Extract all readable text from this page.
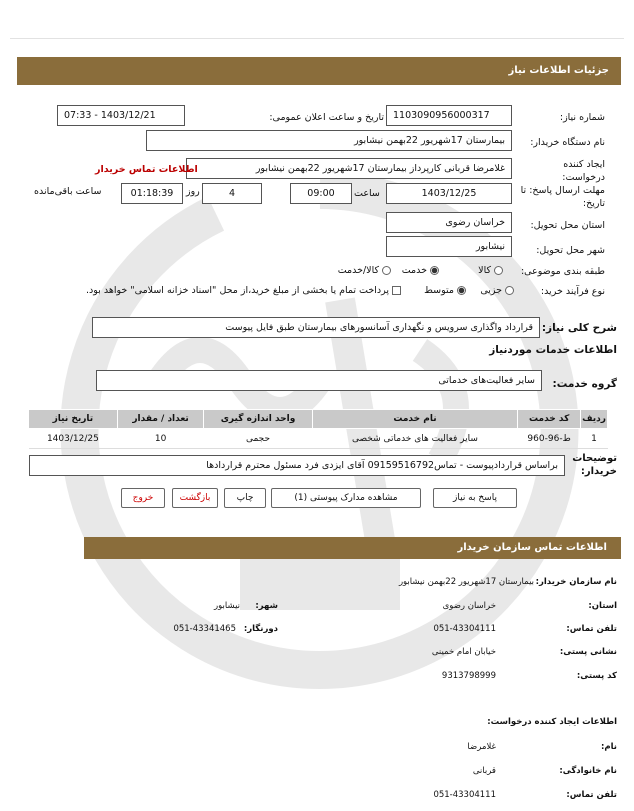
جزئیات اطلاعات نیاز
شماره نیاز:
1103090956000317
تاریخ و ساعت اعلان عمومی:
1403/12/21 - 07:33
نام دستگاه خریدار:
بیمارستان 17شهریور 22بهمن نیشابور
ایجاد کننده درخواست:
غلامرضا قربانی کارپرداز بیمارستان 17شهریور 22بهمن نیشابور
اطلاعات تماس خریدار
مهلت ارسال پاسخ: تا تاریخ:
1403/12/25
ساعت
09:00
4
روز
01:18:39
ساعت باقی‌مانده
استان محل تحویل:
خراسان رضوی
شهر محل تحویل:
نیشابور
طبقه بندی موضوعی:
کالا
خدمت
کالا/خدمت
نوع فرآیند خرید:
جزیی
متوسط
پرداخت تمام یا بخشی از مبلغ خرید،از محل "اسناد خزانه اسلامی" خواهد بود.
شرح کلی نیاز:
قرارداد واگذاری سرویس و نگهداری آسانسورهای بیمارستان طبق فایل پیوست
اطلاعات خدمات موردنیاز
گروه خدمت:
سایر فعالیت‌های خدماتی
ردیف	کد خدمت	نام خدمت	واحد اندازه گیری	تعداد / مقدار	تاریخ نیاز
1	ط-96-960	سایر فعالیت های خدماتی شخصی	حجمی	10	1403/12/25
توضیحات خریدار:
براساس قراردادپیوست - تماس09159516792 آقای ایزدی فرد مسئول محترم قراردادها
پاسخ به نیاز
مشاهده مدارک پیوستی (1)
چاپ
بازگشت
خروج
اطلاعات تماس سازمان خریدار
نام سازمان خریدار:
بیمارستان 17شهریور 22بهمن نیشابور
استان:
خراسان رضوی
شهر:
نیشابور
تلفن تماس:
051-43304111
دورنگار:
051-43341465
نشانی پستی:
خیابان امام خمینی
کد پستی:
9313798999
اطلاعات ایجاد کننده درخواست:
نام:
غلامرضا
نام خانوادگی:
قربانی
تلفن تماس:
051-43304111
